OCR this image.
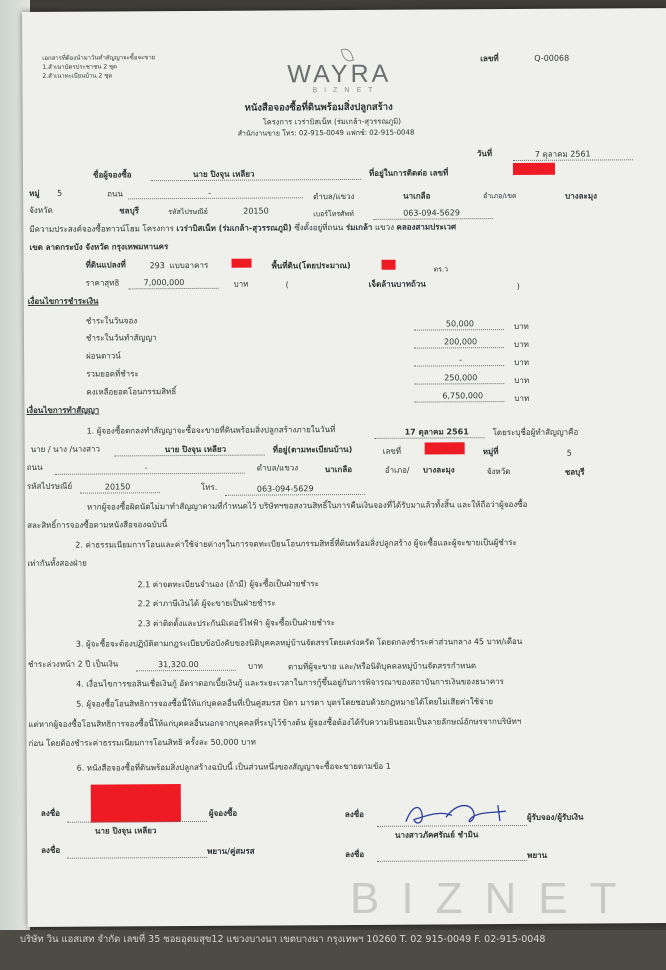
เอกสารที่ต้องนำมาวันทำสัญญาจะซื้อจะขาย
1.สำเนาบัตรประชาชน 2 ชุด
2.สำเนาทะเบียนบ้าน 2 ชุด
เลขที่	Q-00068
WAYRA
BIZNET
หนังสือจองซื้อที่ดินพร้อมสิ่งปลูกสร้าง
โครงการ เวร่าบิสเน็ท (ร่มเกล้า-สุวรรณภูมิ)
สำนักงานขาย โทร: 02-915-0049 แฟกซ์: 02-915-0048
วันที่	7 ตุลาคม 2561
ชื่อผู้จองซื้อ	นาย ปิงจุน เหลียว	ที่อยู่ในการติดต่อ เลขที่
หมู่ 5	ถนน	-	ตำบล/แขวง	นาเกลือ	อำเภอ/เขต	บางละมุง
จังหวัด	ชลบุรี	รหัสไปรษณีย์	20150	เบอร์โทรศัพท์	063-094-5629
มีความประสงค์จองซื้อทาวน์โฮม โครงการ เวร่าบิสเน็ท (ร่มเกล้า-สุวรรณภูมิ) ซึ่งตั้งอยู่ที่ถนน ร่มเกล้า แขวง คลองสามประเวศ
เขต ลาดกระบัง จังหวัด กรุงเทพมหานคร
ที่ดินแปลงที่	293 แบบอาคาร	พื้นที่ดิน(โดยประมาณ)	ตร.ว
ราคาสุทธิ	7,000,000	บาท	(	เจ็ดล้านบาทถ้วน	)
เงื่อนไขการชำระเงิน
ชำระในวันจอง	50,000	บาท
ชำระในวันทำสัญญา	200,000	บาท
ผ่อนดาวน์	-	บาท
รวมยอดที่ชำระ	250,000	บาท
คงเหลือยอดโอนกรรมสิทธิ์	6,750,000	บาท
เงื่อนไขการทำสัญญา
1. ผู้จองซื้อตกลงทำสัญญาจะซื้อจะขายที่ดินพร้อมสิ่งปลูกสร้างภายในวันที่	17 ตุลาคม 2561	โดยระบุชื่อผู้ทำสัญญาคือ
นาย / นาง /นางสาว	นาย ปิงจุน เหลียว	ที่อยู่(ตามทะเบียนบ้าน)	เลขที่	หมู่ที่	5
ถนน	-	ตำบล/แขวง	นาเกลือ	อำเภอ/ บางละมุง	จังหวัด	ชลบุรี
รหัสไปรษณีย์	20150	โทร.	063-094-5629
หากผู้จองซื้อผิดนัดไม่มาทำสัญญาตามที่กำหนดไว้ บริษัทฯขอสงวนสิทธิ์ในการคืนเงินจองที่ได้รับมาแล้วทั้งสิ้น และให้ถือว่าผู้จองซื้อ
สละสิทธิ์การจองซื้อตามหนังสือจองฉบับนี้
2. ค่าธรรมเนียมการโอนและค่าใช้จ่ายต่างๆในการจดทะเบียนโอนกรรมสิทธิ์ที่ดินพร้อมสิ่งปลูกสร้าง ผู้จะซื้อและผู้จะขายเป็นผู้ชำระ
เท่ากันทั้งสองฝ่าย
2.1 ค่าจดทะเบียนจำนอง (ถ้ามี) ผู้จะซื้อเป็นฝ่ายชำระ
2.2 ค่าภาษีเงินได้ ผู้จะขายเป็นฝ่ายชำระ
2.3 ค่าติดตั้งและประกันมิเตอร์ไฟฟ้า ผู้จะซื้อเป็นฝ่ายชำระ
3. ผู้จะซื้อจะต้องปฏิบัติตามกฎระเบียบข้อบังคับของนิติบุคคลหมู่บ้านจัดสรรโดยเคร่งครัด โดยตกลงชำระค่าส่วนกลาง 45 บาท/เดือน
ชำระล่วงหน้า 2 ปี เป็นเงิน	31,320.00	บาท	ตามที่ผู้จะขาย และ/หรือนิติบุคคลหมู่บ้านจัดสรรกำหนด
4. เงื่อนไขการขอสินเชื่อเงินกู้ อัตราดอกเบี้ยเงินกู้ และระยะเวลาในการกู้ขึ้นอยู่กับการพิจารณาของสถาบันการเงินของธนาคาร
5. ผู้จองซื้อโอนสิทธิการจองซื้อนี้ให้แก่บุคคลอื่นที่เป็นคู่สมรส บิดา มารดา บุตรโดยชอบด้วยกฎหมายได้โดยไม่เสียค่าใช้จ่าย
แต่หากผู้จองซื้อโอนสิทธิการจองซื้อนี้ให้แก่บุคคลอื่นนอกจากบุคคลที่ระบุไว้ข้างต้น ผู้จองซื้อต้องได้รับความยินยอมเป็นลายลักษณ์อักษรจากบริษัทฯ
ก่อน โดยต้องชำระค่าธรรมเนียมการโอนสิทธิ ครั้งละ 50,000 บาท
6. หนังสือจองซื้อที่ดินพร้อมสิ่งปลูกสร้างฉบับนี้ เป็นส่วนหนึ่งของสัญญาจะซื้อจะขายตามข้อ 1
ลงชื่อ	ผู้จองซื้อ
นาย ปิงจุน เหลียว
ลงชื่อ	ผู้รับจอง/ผู้รับเงิน
นางสาวภัคศรัณย์ ชำมิน
ลงชื่อ	พยาน/คู่สมรส	ลงชื่อ	พยาน
BIZNET
บริษัท วิน แอสเสท จำกัด เลขที่ 35 ซอยอุดมสุข12 แขวงบางนา เขตบางนา กรุงเทพฯ 10260 T. 02 915-0049 F. 02-915-0048
